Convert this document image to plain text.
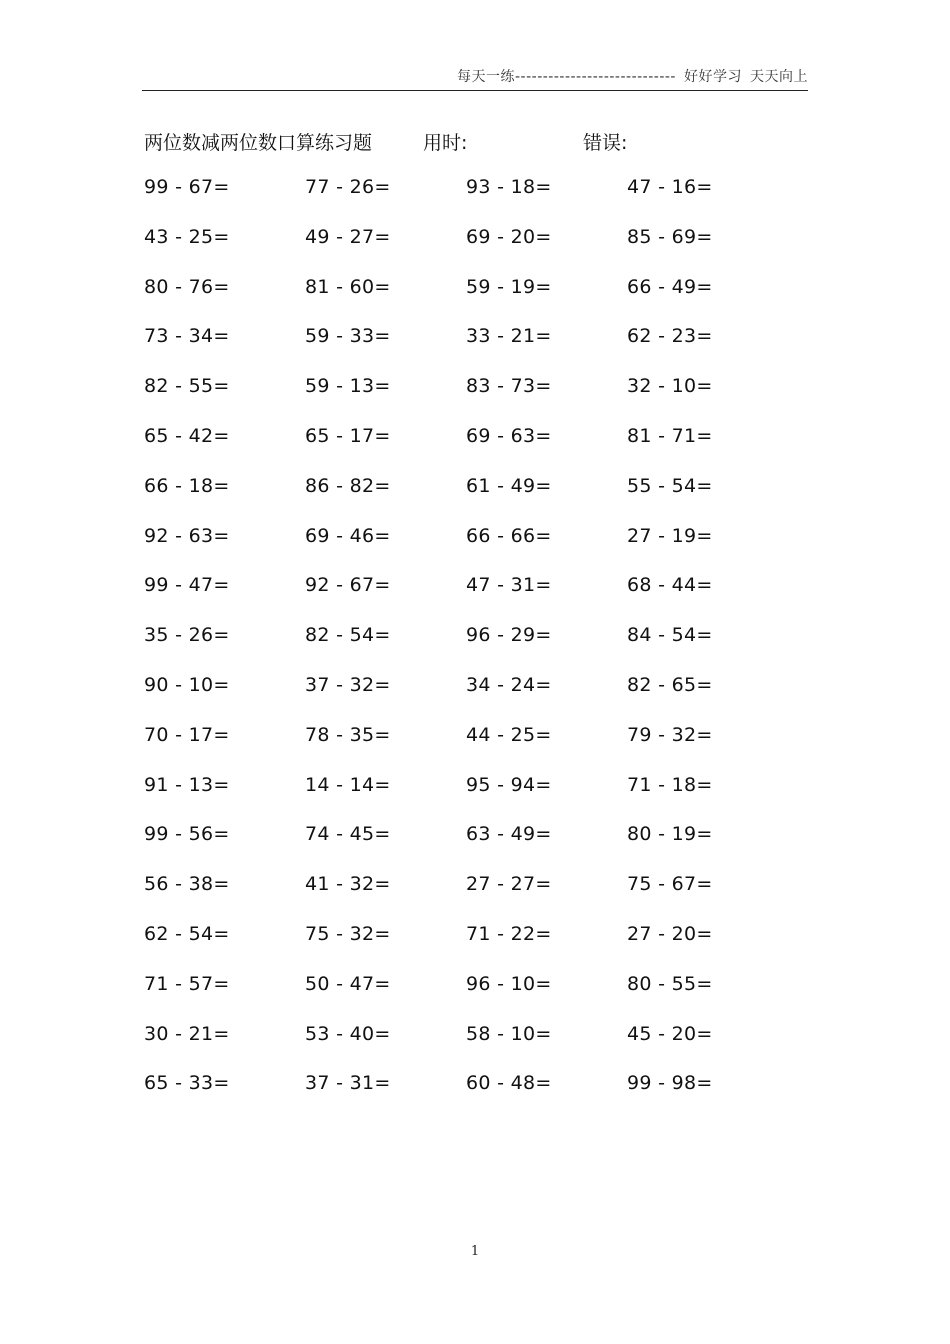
每天一练----------------------------- 好好学习 天天向上
两位数减两位数口算练习题	用时:	错误:
99 - 67=	77 - 26=	93 - 18=	47 - 16=
43 - 25=	49 - 27=	69 - 20=	85 - 69=
80 - 76=	81 - 60=	59 - 19=	66 - 49=
73 - 34=	59 - 33=	33 - 21=	62 - 23=
82 - 55=	59 - 13=	83 - 73=	32 - 10=
65 - 42=	65 - 17=	69 - 63=	81 - 71=
66 - 18=	86 - 82=	61 - 49=	55 - 54=
92 - 63=	69 - 46=	66 - 66=	27 - 19=
99 - 47=	92 - 67=	47 - 31=	68 - 44=
35 - 26=	82 - 54=	96 - 29=	84 - 54=
90 - 10=	37 - 32=	34 - 24=	82 - 65=
70 - 17=	78 - 35=	44 - 25=	79 - 32=
91 - 13=	14 - 14=	95 - 94=	71 - 18=
99 - 56=	74 - 45=	63 - 49=	80 - 19=
56 - 38=	41 - 32=	27 - 27=	75 - 67=
62 - 54=	75 - 32=	71 - 22=	27 - 20=
71 - 57=	50 - 47=	96 - 10=	80 - 55=
30 - 21=	53 - 40=	58 - 10=	45 - 20=
65 - 33=	37 - 31=	60 - 48=	99 - 98=
1
